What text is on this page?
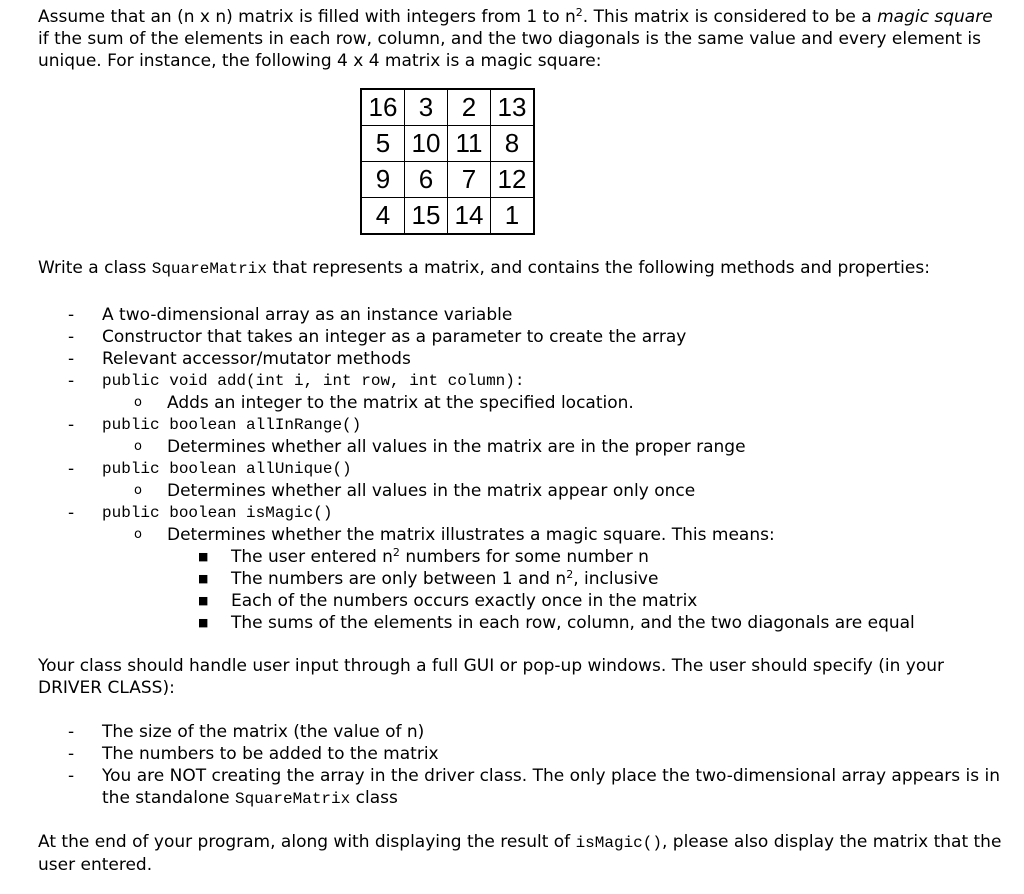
Assume that an (n x n) matrix is filled with integers from 1 to $n^2$. This matrix is considered to be a magic square if the sum of the elements in each row, column, and the two diagonals is the same value and every element is unique. For instance, the following 4 x 4 matrix is a magic square:

16	3	2	13
5	10	11	8
9	6	7	12
4	15	14	1

Write a class SquareMatrix that represents a matrix, and contains the following methods and properties:

- A two-dimensional array as an instance variable
- Constructor that takes an integer as a parameter to create the array
- Relevant accessor/mutator methods
- public void add(int i, int row, int column):
o Adds an integer to the matrix at the specified location.
- public boolean allInRange()
o Determines whether all values in the matrix are in the proper range
- public boolean allUnique()
o Determines whether all values in the matrix appear only once
- public boolean isMagic()
o Determines whether the matrix illustrates a magic square. This means:
■ The user entered $n^2$ numbers for some number n
■ The numbers are only between 1 and $n^2$, inclusive
■ Each of the numbers occurs exactly once in the matrix
■ The sums of the elements in each row, column, and the two diagonals are equal

Your class should handle user input through a full GUI or pop-up windows. The user should specify (in your DRIVER CLASS):

- The size of the matrix (the value of n)
- The numbers to be added to the matrix
- You are NOT creating the array in the driver class. The only place the two-dimensional array appears is in the standalone SquareMatrix class

At the end of your program, along with displaying the result of isMagic(), please also display the matrix that the user entered.
